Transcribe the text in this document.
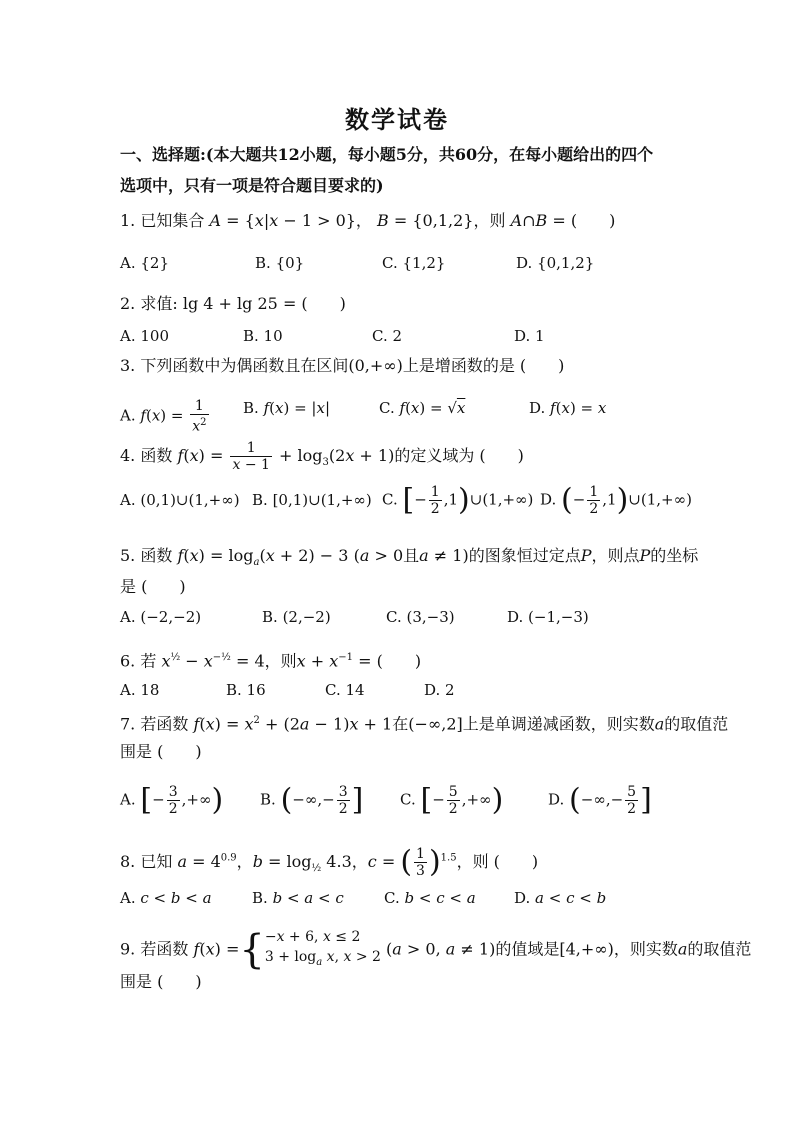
数学试卷
一、选择题:(本大题共12小题，每小题5分，共60分，在每小题给出的四个
选项中，只有一项是符合题目要求的)
1. 已知集合 A = {x|x − 1 > 0}， B = {0,1,2}，则 A∩B = (　　)
A. {2}	B. {0}	C. {1,2}	D. {0,1,2}
2. 求值: lg 4 + lg 25 = (　　)
A. 100	B. 10	C. 2	D. 1
3. 下列函数中为偶函数且在区间(0,+∞)上是增函数的是 (　　)
A. $f(x) = \frac{1}{x^2} B$. f(x) = |x|	C. f(x) = √x	D. f(x) = x
4. 函数 $f(x) = \frac{1}{x - 1} + \log_3(2x + 1)$的定义域为 (　　)
A. (0,1)∪(1,+∞) B. [0,1)∪(1,+∞) C. [− $\frac{1}{2}$ ,1)∪(1,+∞) D. (− $\frac{1}{2}$ ,1)∪(1,+∞)
5. 函数 $f(x) = \log_a(x + 2) - 3$ (a > 0且a ≠ 1)的图象恒过定点P，则点P的坐标
是 (　　)
A. (−2,−2)	B. (2,−2)	C. (3,−3)	D. (−1,−3)
6. 若 $x^{\frac{1}{2}} - x^{-\frac{1}{2}} = 4$，则$x + x^{-1}$ = (　　)
A. 18	B. 16	C. 14	D. 2
7. 若函数 $f(x) = x^2 + (2a - 1)x + 1$在(−∞,2]上是单调递减函数，则实数a的取值范
围是 (　　)
A. [− $\frac{3}{2}$ ,+∞) B. (−∞,− $\frac{3}{2}$ ] C. [− $\frac{5}{2}$ ,+∞)	D. (−∞,− $\frac{5}{2}$ ]
8. 已知 $a = 4^{0.9}$，$b = \log_{\frac{1}{2}} 4.3$，c = ( $\frac{1}{3} )^{1.5}$，则 (　　)
A. c < b < a	B. b < a < c	C. b < c < a	D. a < c < b
9. 若函数 f(x) ={−x + 6, x ≤ 2
$3 + \log_a x$, x > 2 (a > 0, a ≠ 1)的值域是[4,+∞)，则实数a的取值范
围是 (　　)
